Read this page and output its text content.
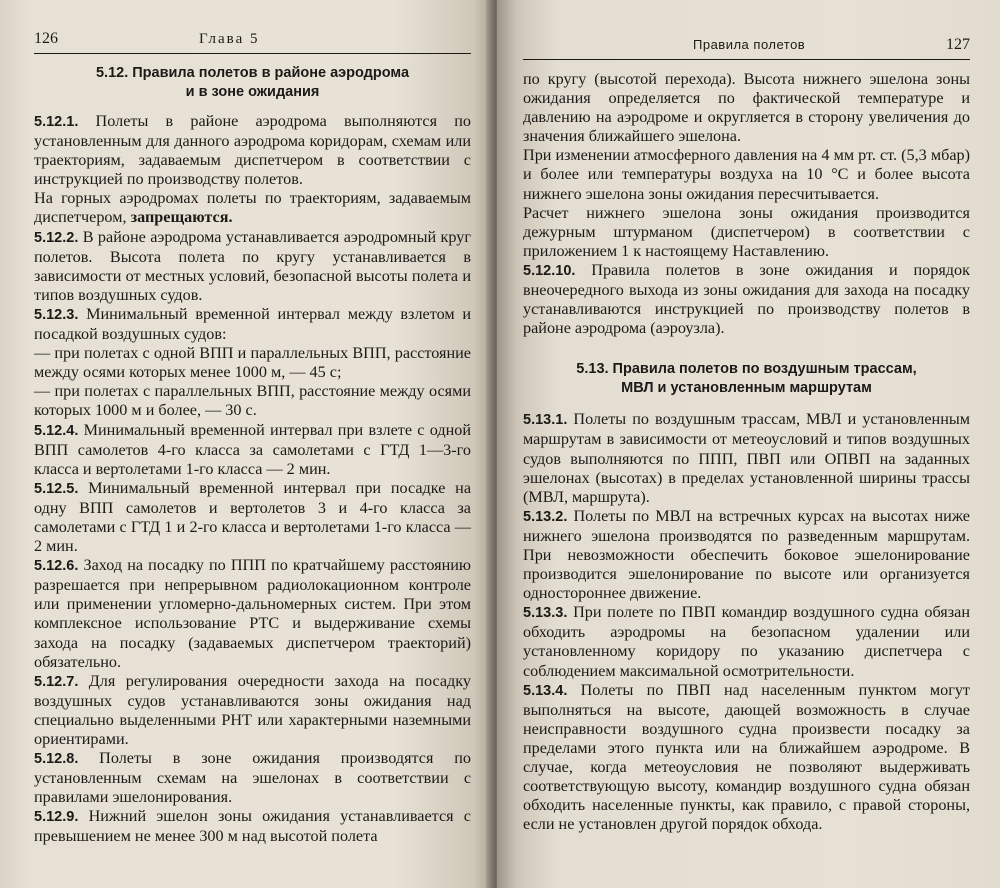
126	Глава 5
5.12. Правила полетов в районе аэродрома
и в зоне ожидания

5.12.1. Полеты в районе аэродрома выполняются по установленным для данного аэродрома коридорам, схемам или траекториям, задаваемым диспетчером в соответствии с инструкцией по производству полетов.

На горных аэродромах полеты по траекториям, задаваемым диспетчером, запрещаются.

5.12.2. В районе аэродрома устанавливается аэродромный круг полетов. Высота полета по кругу устанавливается в зависимости от местных условий, безопасной высоты полета и типов воздушных судов.

5.12.3. Минимальный временной интервал между взлетом и посадкой воздушных судов:

— при полетах с одной ВПП и параллельных ВПП, расстояние между осями которых менее 1000 м, — 45 с;

— при полетах с параллельных ВПП, расстояние между осями которых 1000 м и более, — 30 с.

5.12.4. Минимальный временной интервал при взлете с одной ВПП самолетов 4-го класса за самолетами с ГТД 1—3-го класса и вертолетами 1-го класса — 2 мин.

5.12.5. Минимальный временной интервал при посадке на одну ВПП самолетов и вертолетов 3 и 4-го класса за самолетами с ГТД 1 и 2-го класса и вертолетами 1-го класса — 2 мин.

5.12.6. Заход на посадку по ППП по кратчайшему расстоянию разрешается при непрерывном радиолокационном контроле или применении угломерно-дальномерных систем. При этом комплексное использование РТС и выдерживание схемы захода на посадку (задаваемых диспетчером траекторий) обязательно.

5.12.7. Для регулирования очередности захода на посадку воздушных судов устанавливаются зоны ожидания над специально выделенными РНТ или характерными наземными ориентирами.

5.12.8. Полеты в зоне ожидания производятся по установленным схемам на эшелонах в соответствии с правилами эшелонирования.

5.12.9. Нижний эшелон зоны ожидания устанавливается с превышением не менее 300 м над высотой полета

Правила полетов	127

по кругу (высотой перехода). Высота нижнего эшелона зоны ожидания определяется по фактической температуре и давлению на аэродроме и округляется в сторону увеличения до значения ближайшего эшелона.

При изменении атмосферного давления на 4 мм рт. ст. (5,3 мбар) и более или температуры воздуха на 10 °С и более высота нижнего эшелона зоны ожидания пересчитывается.

Расчет нижнего эшелона зоны ожидания производится дежурным штурманом (диспетчером) в соответствии с приложением 1 к настоящему Наставлению.

5.12.10. Правила полетов в зоне ожидания и порядок внеочередного выхода из зоны ожидания для захода на посадку устанавливаются инструкцией по производству полетов в районе аэродрома (аэроузла).

5.13. Правила полетов по воздушным трассам,
МВЛ и установленным маршрутам

5.13.1. Полеты по воздушным трассам, МВЛ и установленным маршрутам в зависимости от метеоусловий и типов воздушных судов выполняются по ППП, ПВП или ОПВП на заданных эшелонах (высотах) в пределах установленной ширины трассы (МВЛ, маршрута).

5.13.2. Полеты по МВЛ на встречных курсах на высотах ниже нижнего эшелона производятся по разведенным маршрутам. При невозможности обеспечить боковое эшелонирование производится эшелонирование по высоте или организуется одностороннее движение.

5.13.3. При полете по ПВП командир воздушного судна обязан обходить аэродромы на безопасном удалении или установленному коридору по указанию диспетчера с соблюдением максимальной осмотрительности.

5.13.4. Полеты по ПВП над населенным пунктом могут выполняться на высоте, дающей возможность в случае неисправности воздушного судна произвести посадку за пределами этого пункта или на ближайшем аэродроме. В случае, когда метеоусловия не позволяют выдерживать соответствующую высоту, командир воздушного судна обязан обходить населенные пункты, как правило, с правой стороны, если не установлен другой порядок обхода.
